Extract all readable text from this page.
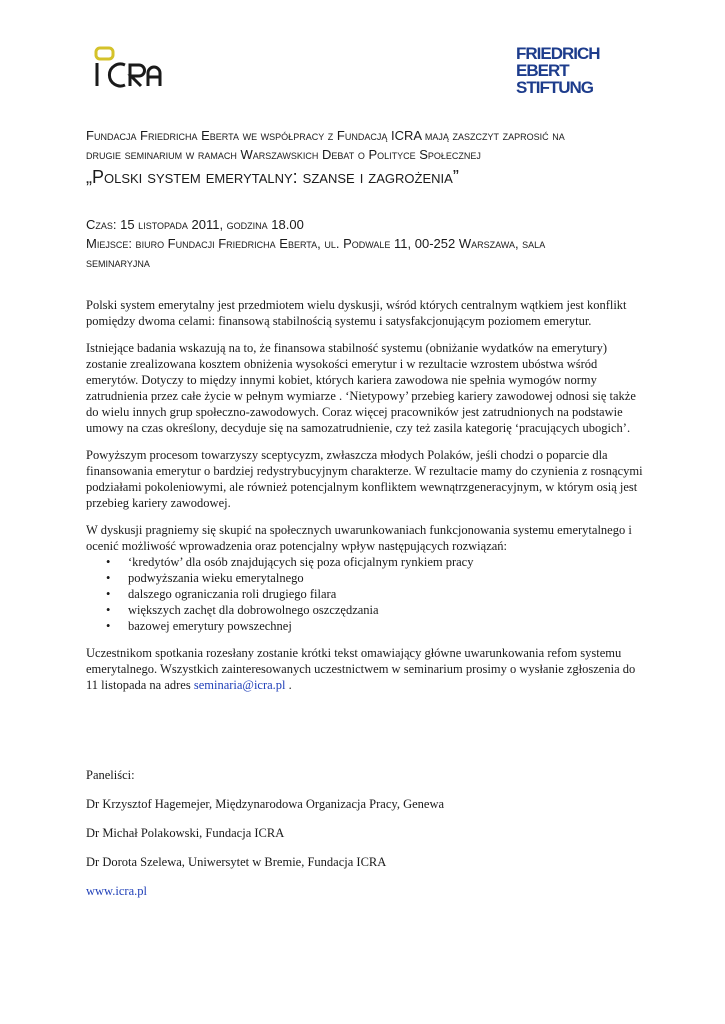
FRIEDRICH
EBERT
STIFTUNG

Fundacja Friedricha Eberta we współpracy z Fundacją ICRA mają zaszczyt zaprosić na

drugie seminarium w ramach Warszawskich Debat o Polityce Społecznej

„Polski system emerytalny: szanse i zagrożenia”

Czas: 15 listopada 2011, godzina 18.00

Miejsce: biuro Fundacji Friedricha Eberta, ul. Podwale 11, 00-252 Warszawa, sala

seminaryjna

Polski system emerytalny jest przedmiotem wielu dyskusji, wśród których centralnym wątkiem jest konflikt pomiędzy dwoma celami: finansową stabilnością systemu i satysfakcjonującym poziomem emerytur.

Istniejące badania wskazują na to, że finansowa stabilność systemu (obniżanie wydatków na emerytury) zostanie zrealizowana kosztem obniżenia wysokości emerytur i w rezultacie wzrostem ubóstwa wśród emerytów. Dotyczy to między innymi kobiet, których kariera zawodowa nie spełnia wymogów normy zatrudnienia przez całe życie w pełnym wymiarze . ‘Nietypowy’ przebieg kariery zawodowej odnosi się także do wielu innych grup społeczno-zawodowych. Coraz więcej pracowników jest zatrudnionych na podstawie umowy na czas określony, decyduje się na samozatrudnienie, czy też zasila kategorię ‘pracujących ubogich’.

Powyższym procesom towarzyszy sceptycyzm, zwłaszcza młodych Polaków, jeśli chodzi o poparcie dla finansowania emerytur o bardziej redystrybucyjnym charakterze. W rezultacie mamy do czynienia z rosnącymi podziałami pokoleniowymi, ale również potencjalnym konfliktem wewnątrzgeneracyjnym, w którym osią jest przebieg kariery zawodowej.

W dyskusji pragniemy się skupić na społecznych uwarunkowaniach funkcjonowania systemu emerytalnego i ocenić możliwość wprowadzenia oraz potencjalny wpływ następujących rozwiązań:

• ‘kredytów’ dla osób znajdujących się poza oficjalnym rynkiem pracy
• podwyższania wieku emerytalnego
• dalszego ograniczania roli drugiego filara
• większych zachęt dla dobrowolnego oszczędzania
• bazowej emerytury powszechnej

Uczestnikom spotkania rozesłany zostanie krótki tekst omawiający główne uwarunkowania refom systemu emerytalnego. Wszystkich zainteresowanych uczestnictwem w seminarium prosimy o wysłanie zgłoszenia do 11 listopada na adres seminaria@icra.pl .

Paneliści:

Dr Krzysztof Hagemejer, Międzynarodowa Organizacja Pracy, Genewa

Dr Michał Polakowski, Fundacja ICRA

Dr Dorota Szelewa, Uniwersytet w Bremie, Fundacja ICRA

www.icra.pl
